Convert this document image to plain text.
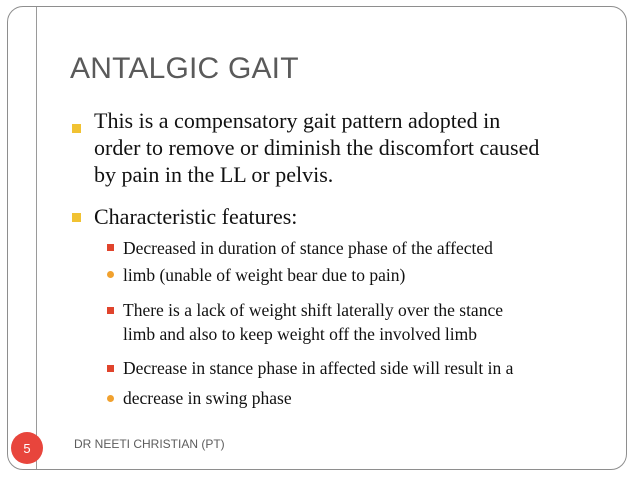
ANTALGIC GAIT
This is a compensatory gait pattern adopted in
order to remove or diminish the discomfort caused
by pain in the LL or pelvis.
Characteristic features:
Decreased in duration of stance phase of the affected
limb (unable of weight bear due to pain)
There is a lack of weight shift laterally over the stance
limb and also to keep weight off the involved limb
Decrease in stance phase in affected side will result in a
decrease in swing phase
5	DR NEETI CHRISTIAN (PT)
